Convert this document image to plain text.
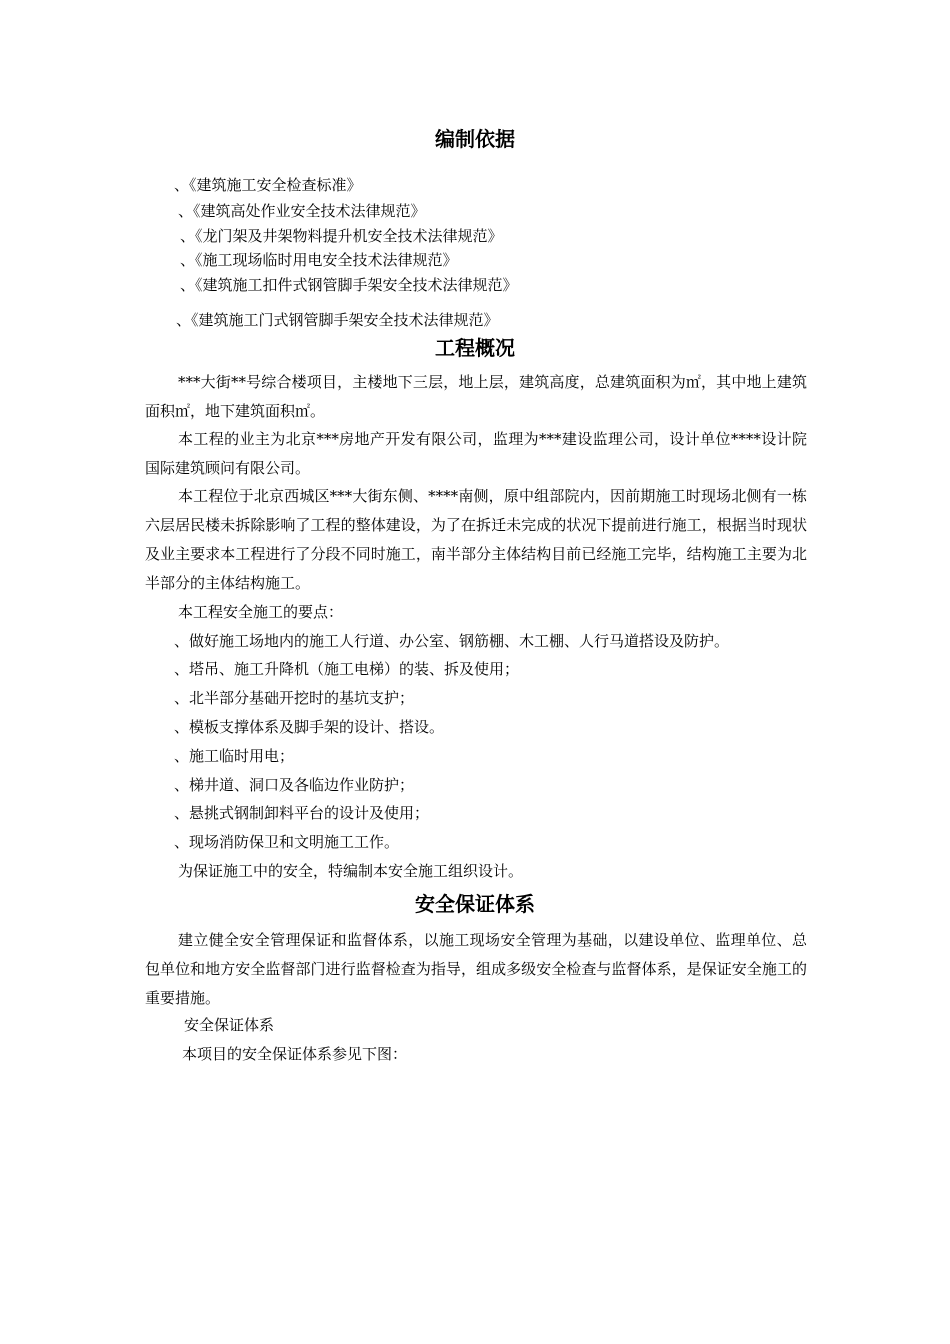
编制依据
、《建筑施工安全检查标准》
、《建筑高处作业安全技术法律规范》
、《龙门架及井架物料提升机安全技术法律规范》
、《施工现场临时用电安全技术法律规范》
、《建筑施工扣件式钢管脚手架安全技术法律规范》
、《建筑施工门式钢管脚手架安全技术法律规范》
工程概况

***大街**号综合楼项目，主楼地下三层，地上层，建筑高度，总建筑面积为㎡，其中地上建筑面积㎡，地下建筑面积㎡。

本工程的业主为北京***房地产开发有限公司，监理为***建设监理公司，设计单位****设计院国际建筑顾问有限公司。

本工程位于北京西城区***大街东侧、****南侧，原中组部院内，因前期施工时现场北侧有一栋六层居民楼未拆除影响了工程的整体建设，为了在拆迁未完成的状况下提前进行施工，根据当时现状及业主要求本工程进行了分段不同时施工，南半部分主体结构目前已经施工完毕，结构施工主要为北半部分的主体结构施工。

本工程安全施工的要点：
、做好施工场地内的施工人行道、办公室、钢筋棚、木工棚、人行马道搭设及防护。
、塔吊、施工升降机（施工电梯）的装、拆及使用；
、北半部分基础开挖时的基坑支护；
、模板支撑体系及脚手架的设计、搭设。
、施工临时用电；
、梯井道、洞口及各临边作业防护；
、悬挑式钢制卸料平台的设计及使用；
、现场消防保卫和文明施工工作。
为保证施工中的安全，特编制本安全施工组织设计。
安全保证体系

建立健全安全管理保证和监督体系，以施工现场安全管理为基础，以建设单位、监理单位、总包单位和地方安全监督部门进行监督检查为指导，组成多级安全检查与监督体系，是保证安全施工的重要措施。

安全保证体系
本项目的安全保证体系参见下图：
